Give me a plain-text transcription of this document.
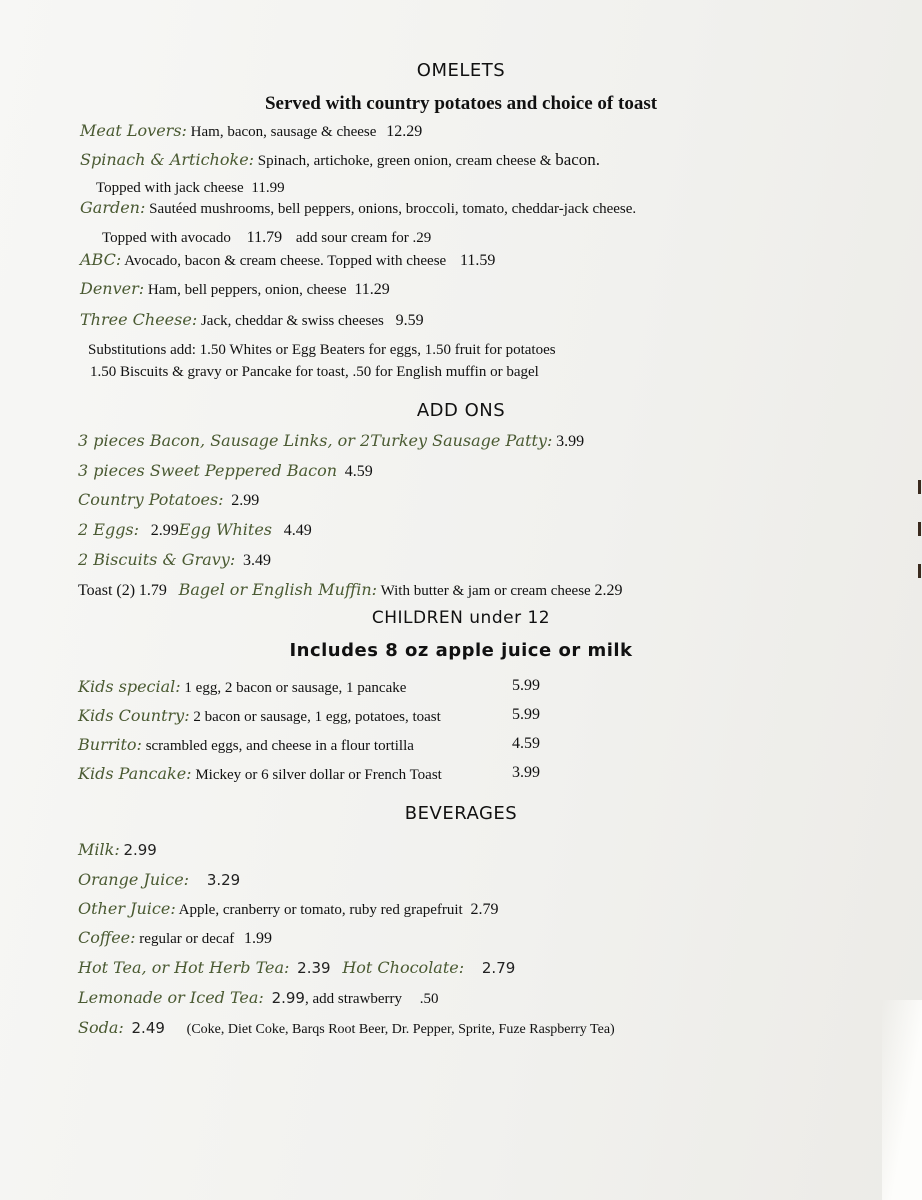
OMELETS
Served with country potatoes and choice of toast
Meat Lovers: Ham, bacon, sausage & cheese 12.29
Spinach & Artichoke: Spinach, artichoke, green onion, cream cheese & bacon.
Topped with jack cheese 11.99
Garden: Sautéed mushrooms, bell peppers, onions, broccoli, tomato, cheddar-jack cheese.
Topped with avocado 11.79 add sour cream for .29
ABC: Avocado, bacon & cream cheese. Topped with cheese 11.59
Denver: Ham, bell peppers, onion, cheese 11.29
Three Cheese: Jack, cheddar & swiss cheeses 9.59
Substitutions add: 1.50 Whites or Egg Beaters for eggs, 1.50 fruit for potatoes
1.50 Biscuits & gravy or Pancake for toast, .50 for English muffin or bagel
ADD ONS
3 pieces Bacon, Sausage Links, or 2Turkey Sausage Patty: 3.99
3 pieces Sweet Peppered Bacon 4.59
Country Potatoes: 2.99
2 Eggs: 2.99Egg Whites 4.49
2 Biscuits & Gravy: 3.49
Toast (2) 1.79 Bagel or English Muffin: With butter & jam or cream cheese 2.29
CHILDREN under 12
Includes 8 oz apple juice or milk
Kids special: 1 egg, 2 bacon or sausage, 1 pancake	5.99
Kids Country: 2 bacon or sausage, 1 egg, potatoes, toast	5.99
Burrito: scrambled eggs, and cheese in a flour tortilla	4.59
Kids Pancake: Mickey or 6 silver dollar or French Toast	3.99
BEVERAGES
Milk: 2.99
Orange Juice: 3.29
Other Juice: Apple, cranberry or tomato, ruby red grapefruit 2.79
Coffee: regular or decaf 1.99
Hot Tea, or Hot Herb Tea: 2.39 Hot Chocolate: 2.79
Lemonade or Iced Tea: 2.99, add strawberry .50
Soda: 2.49 (Coke, Diet Coke, Barqs Root Beer, Dr. Pepper, Sprite, Fuze Raspberry Tea)
